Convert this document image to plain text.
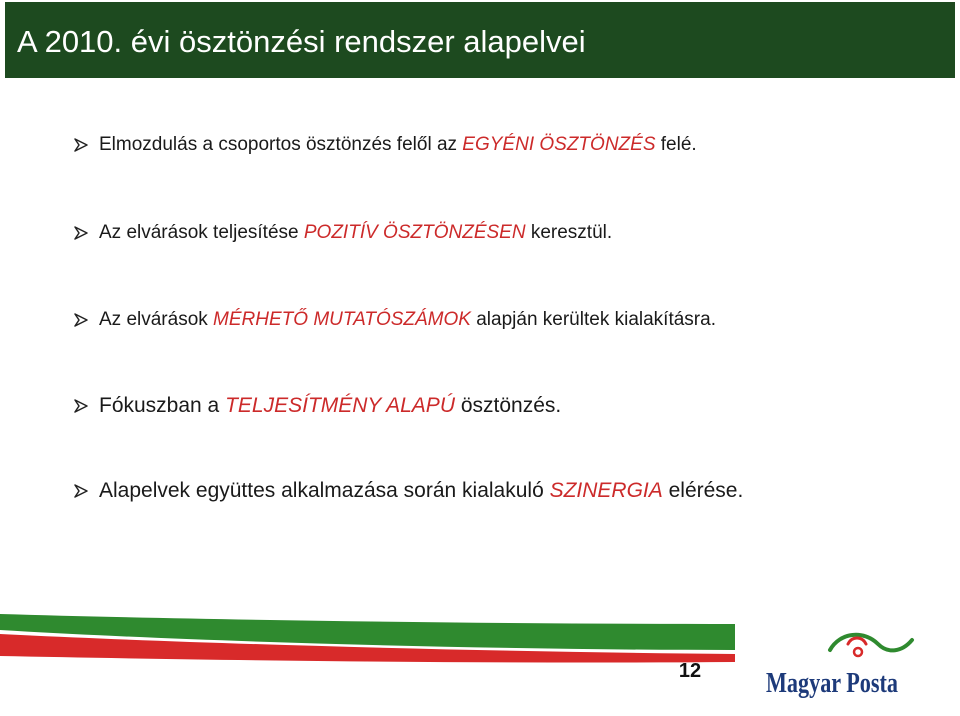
A 2010. évi ösztönzési rendszer alapelvei
Elmozdulás a csoportos ösztönzés felől az EGYÉNI ÖSZTÖNZÉS felé.
Az elvárások teljesítése POZITÍV ÖSZTÖNZÉSEN keresztül.
Az elvárások MÉRHETŐ MUTATÓSZÁMOK alapján kerültek kialakításra.
Fókuszban a TELJESÍTMÉNY ALAPÚ ösztönzés.
Alapelvek együttes alkalmazása során kialakuló SZINERGIA elérése.
12 Magyar Posta
